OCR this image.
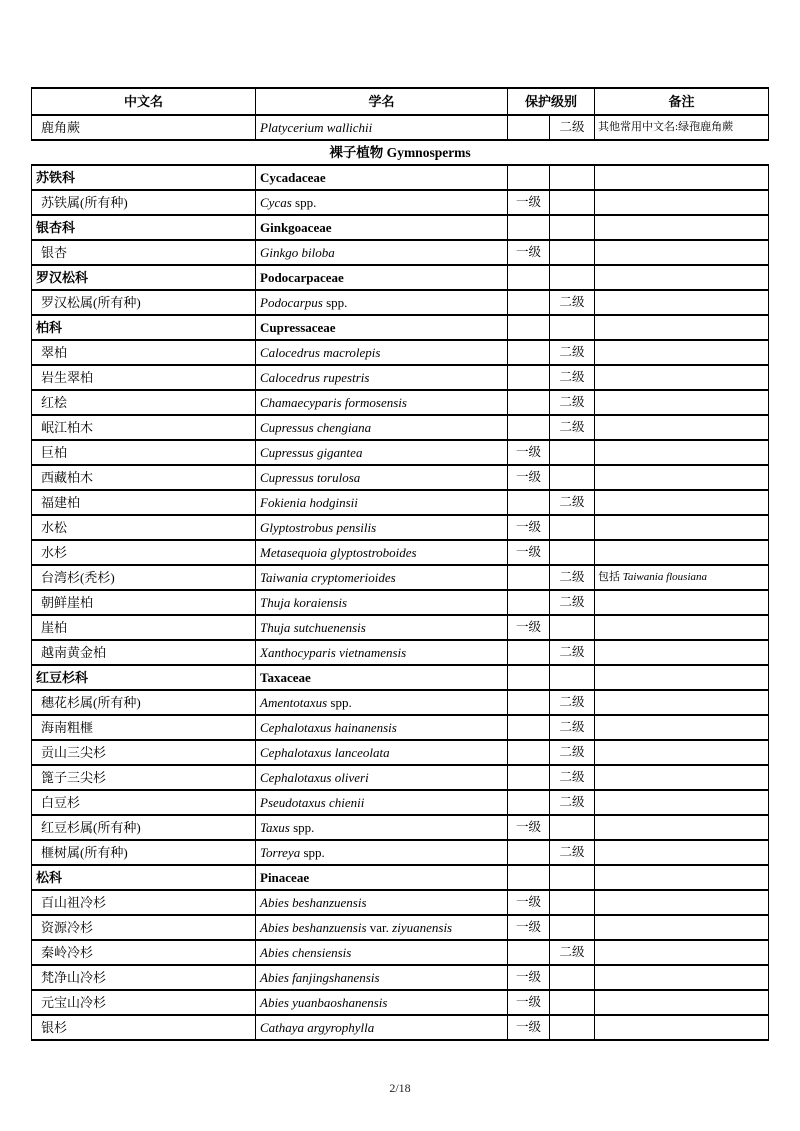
中文名	学名	保护级别		备注
鹿角蕨	Platycerium wallichii		二级	其他常用中文名:绿孢鹿角蕨
裸子植物 Gymnosperms				
苏铁科	Cycadaceae			
苏铁属(所有种)	Cycas spp.	一级		
银杏科	Ginkgoaceae			
银杏	Ginkgo biloba	一级		
罗汉松科	Podocarpaceae			
罗汉松属(所有种)	Podocarpus spp.		二级	
柏科	Cupressaceae			
翠柏	Calocedrus macrolepis		二级	
岩生翠柏	Calocedrus rupestris		二级	
红桧	Chamaecyparis formosensis		二级	
岷江柏木	Cupressus chengiana		二级	
巨柏	Cupressus gigantea	一级		
西藏柏木	Cupressus torulosa	一级		
福建柏	Fokienia hodginsii		二级	
水松	Glyptostrobus pensilis	一级		
水杉	Metasequoia glyptostroboides	一级		
台湾杉(秃杉)	Taiwania cryptomerioides		二级	包括 Taiwania flousiana
朝鲜崖柏	Thuja koraiensis		二级	
崖柏	Thuja sutchuenensis	一级		
越南黄金柏	Xanthocyparis vietnamensis		二级	
红豆杉科	Taxaceae			
穗花杉属(所有种)	Amentotaxus spp.		二级	
海南粗榧	Cephalotaxus hainanensis		二级	
贡山三尖杉	Cephalotaxus lanceolata		二级	
篦子三尖杉	Cephalotaxus oliveri		二级	
白豆杉	Pseudotaxus chienii		二级	
红豆杉属(所有种)	Taxus spp.	一级		
榧树属(所有种)	Torreya spp.		二级	
松科	Pinaceae			
百山祖冷杉	Abies beshanzuensis	一级		
资源冷杉	Abies beshanzuensis var. ziyuanensis	一级		
秦岭冷杉	Abies chensiensis		二级	
梵净山冷杉	Abies fanjingshanensis	一级		
元宝山冷杉	Abies yuanbaoshanensis	一级		
银杉	Cathaya argyrophylla	一级		
2/18
